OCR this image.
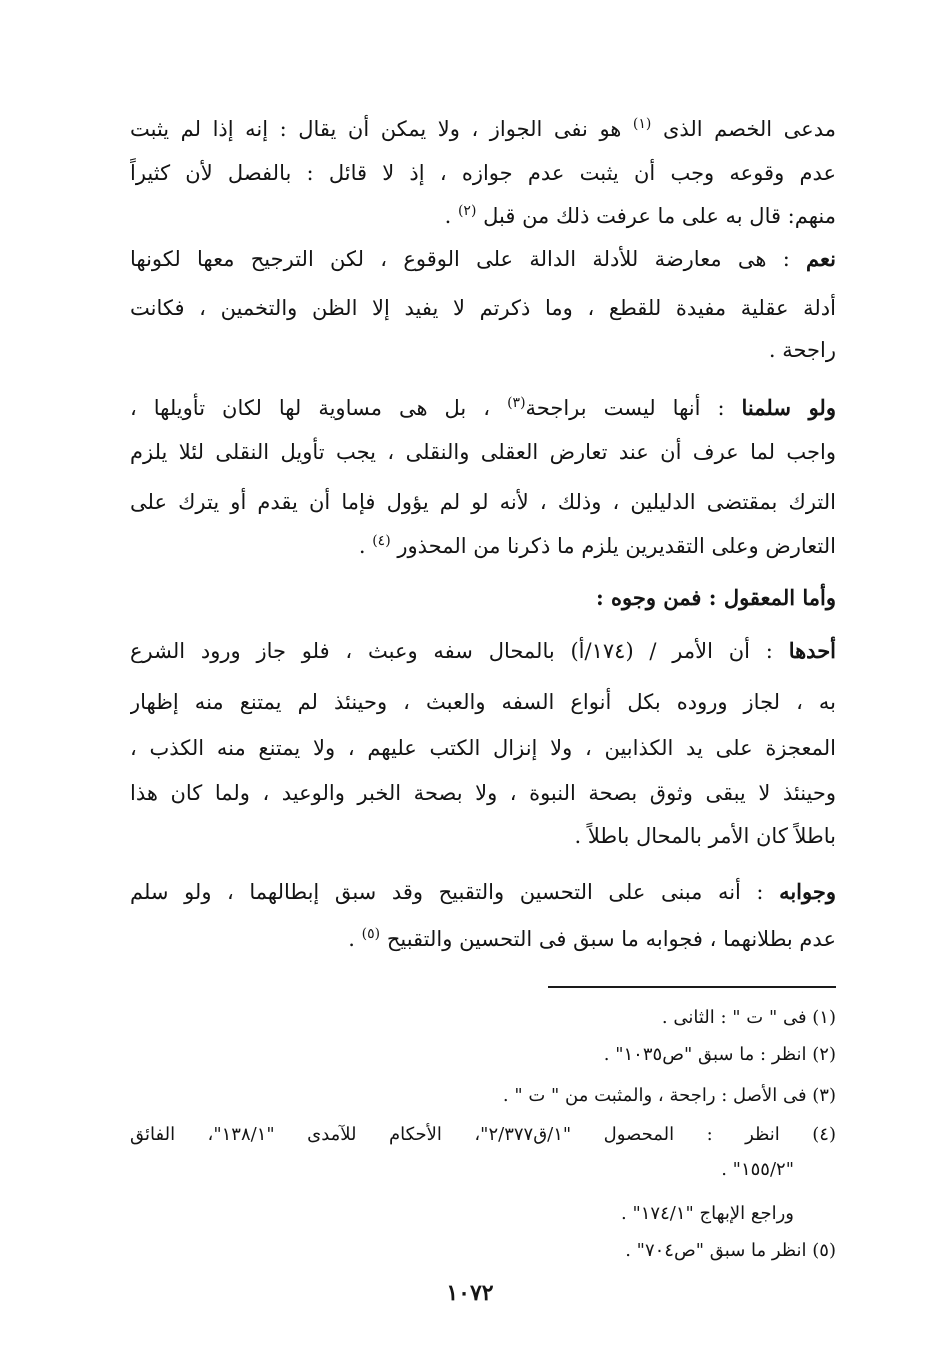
مدعى الخصم الذى $^{(١)}$ هو نفى الجواز ، ولا يمكن أن يقال : إنه إذا لم يثبت
عدم وقوعه وجب أن يثبت عدم جوازه ، إذ لا قائل : بالفصل لأن كثيراً
منهم: قال به على ما عرفت ذلك من قبل $^{(٢)}$ .
نعم : هى معارضة للأدلة الدالة على الوقوع ، لكن الترجيح معها لكونها
أدلة عقلية مفيدة للقطع ، وما ذكرتم لا يفيد إلا الظن والتخمين ، فكانت
راجحة .
ولو سلمنا : أنها ليست براجحة$^{(٣)}$ ، بل هى مساوية لها لكان تأويلها ،
واجب لما عرف أن عند تعارض العقلى والنقلى ، يجب تأويل النقلى لئلا يلزم
الترك بمقتضى الدليلين ، وذلك ، لأنه لو لم يؤول فإما أن يقدم أو يترك على
التعارض وعلى التقديرين يلزم ما ذكرنا من المحذور $^{(٤)}$ .
وأما المعقول : فمن وجوه :
أحدها : أن الأمر / (١٧٤/أ) بالمحال سفه وعبث ، فلو جاز ورود الشرع
به ، لجاز وروده بكل أنواع السفه والعبث ، وحينئذ لم يمتنع منه إظهار
المعجزة على يد الكذابين ، ولا إنزال الكتب عليهم ، ولا يمتنع منه الكذب ،
وحينئذ لا يبقى وثوق بصحة النبوة ، ولا بصحة الخبر والوعيد ، ولما كان هذا
باطلاً كان الأمر بالمحال باطلاً .
وجوابه : أنه مبنى على التحسين والتقبيح وقد سبق إبطالهما ، ولو سلم
عدم بطلانهما ، فجوابه ما سبق فى التحسين والتقبيح $^{(٥)}$ .
(١) فى " ت " : الثانى .
(٢) انظر : ما سبق "ص١٠٣٥" .
(٣) فى الأصل : راجحة ، والمثبت من " ت " .
(٤) انظر : المحصول "١/ق٢/٣٧٧"، الأحكام للآمدى "١٣٨/١"، الفائق
"١٥٥/٢" .
وراجع الإبهاج "١٧٤/١" .
(٥) انظر ما سبق "ص٧٠٤" .
١٠٧٢
